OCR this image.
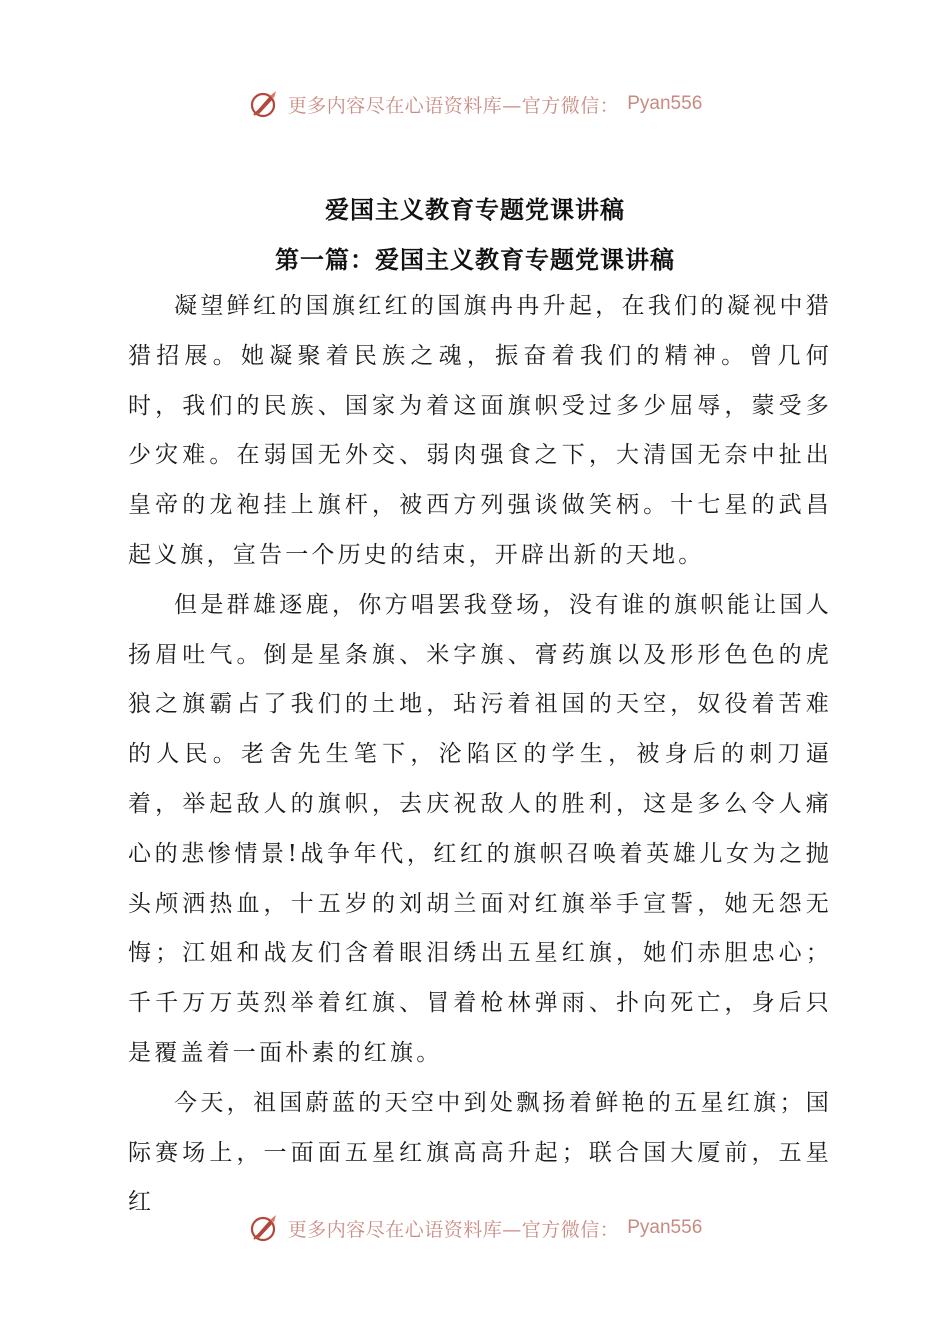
更多内容尽在心语资料库—官方微信： Pyan556
爱国主义教育专题党课讲稿
第一篇：爱国主义教育专题党课讲稿

凝望鲜红的国旗红红的国旗冉冉升起，在我们的凝视中猎猎招展。她凝聚着民族之魂，振奋着我们的精神。曾几何时，我们的民族、国家为着这面旗帜受过多少屈辱，蒙受多少灾难。在弱国无外交、弱肉强食之下，大清国无奈中扯出皇帝的龙袍挂上旗杆，被西方列强谈做笑柄。十七星的武昌起义旗，宣告一个历史的结束，开辟出新的天地。

但是群雄逐鹿，你方唱罢我登场，没有谁的旗帜能让国人扬眉吐气。倒是星条旗、米字旗、膏药旗以及形形色色的虎狼之旗霸占了我们的土地，玷污着祖国的天空，奴役着苦难的人民。老舍先生笔下，沦陷区的学生，被身后的刺刀逼着，举起敌人的旗帜，去庆祝敌人的胜利，这是多么令人痛心的悲惨情景!战争年代，红红的旗帜召唤着英雄儿女为之抛头颅洒热血，十五岁的刘胡兰面对红旗举手宣誓，她无怨无悔；江姐和战友们含着眼泪绣出五星红旗，她们赤胆忠心；千千万万英烈举着红旗、冒着枪林弹雨、扑向死亡，身后只是覆盖着一面朴素的红旗。

今天，祖国蔚蓝的天空中到处飘扬着鲜艳的五星红旗；国际赛场上，一面面五星红旗高高升起；联合国大厦前，五星红

更多内容尽在心语资料库—官方微信： Pyan556
